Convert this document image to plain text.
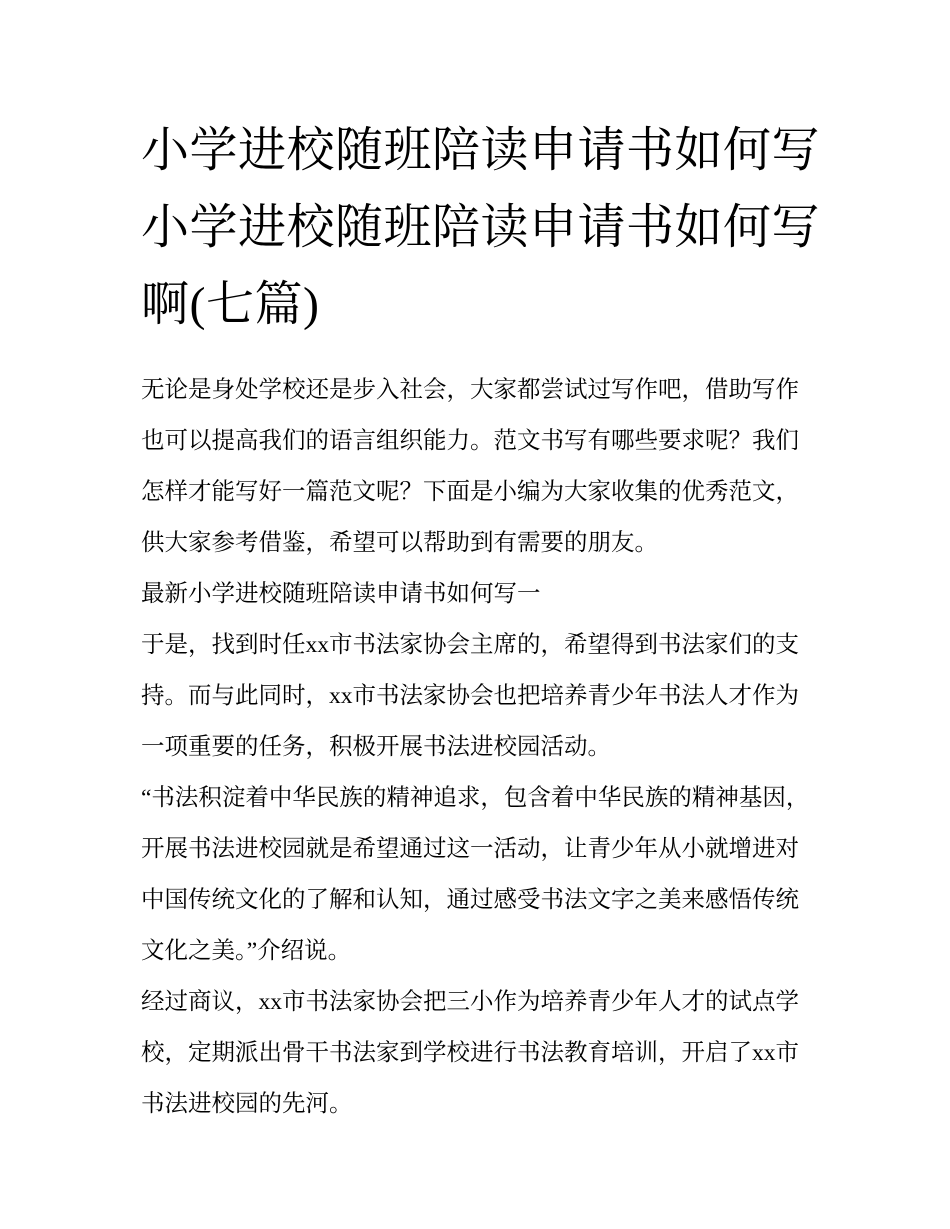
小学进校随班陪读申请书如何写 小学进校随班陪读申请书如何写啊(七篇)

无论是身处学校还是步入社会，大家都尝试过写作吧，借助写作也可以提高我们的语言组织能力。范文书写有哪些要求呢？我们怎样才能写好一篇范文呢？下面是小编为大家收集的优秀范文，供大家参考借鉴，希望可以帮助到有需要的朋友。

最新小学进校随班陪读申请书如何写一

于是，找到时任xx市书法家协会主席的，希望得到书法家们的支持。而与此同时，xx市书法家协会也把培养青少年书法人才作为一项重要的任务，积极开展书法进校园活动。

“书法积淀着中华民族的精神追求，包含着中华民族的精神基因，开展书法进校园就是希望通过这一活动，让青少年从小就增进对中国传统文化的了解和认知，通过感受书法文字之美来感悟传统文化之美。”介绍说。

经过商议，xx市书法家协会把三小作为培养青少年人才的试点学校，定期派出骨干书法家到学校进行书法教育培训，开启了xx市书法进校园的先河。
